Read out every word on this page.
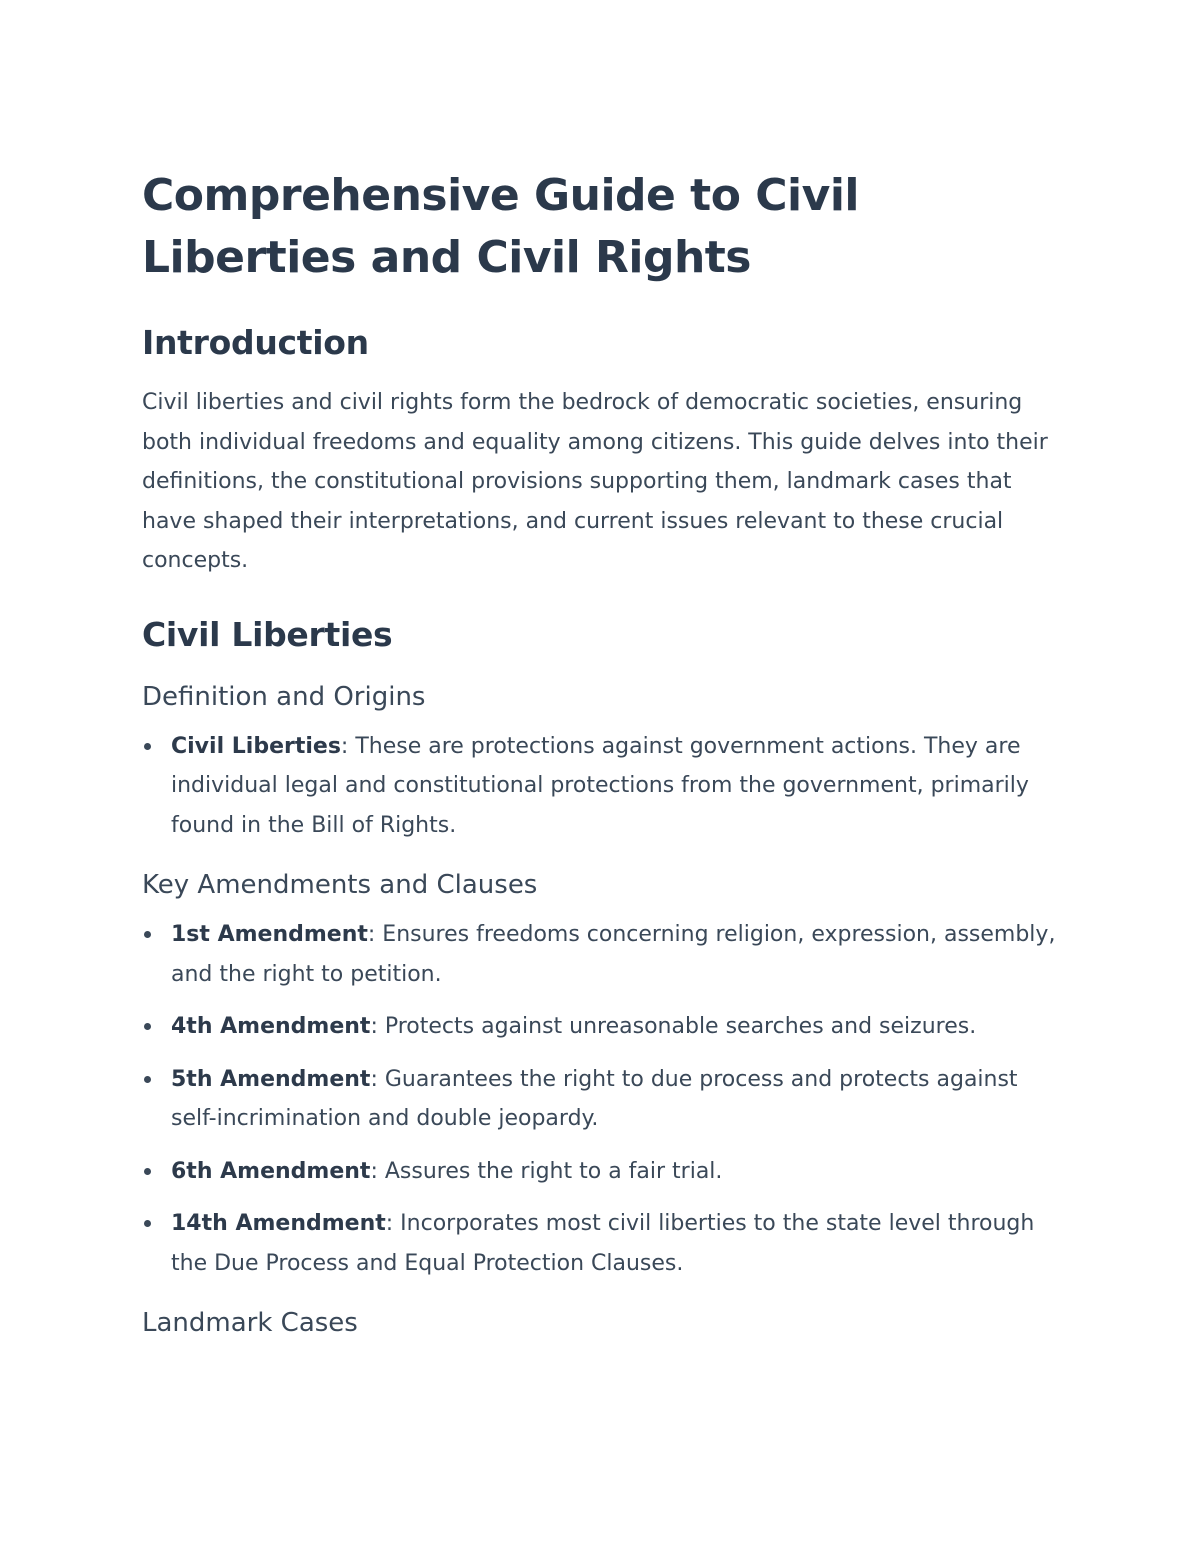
Comprehensive Guide to Civil Liberties and Civil Rights
Introduction

Civil liberties and civil rights form the bedrock of democratic societies, ensuring both individual freedoms and equality among citizens. This guide delves into their definitions, the constitutional provisions supporting them, landmark cases that have shaped their interpretations, and current issues relevant to these crucial concepts.

Civil Liberties
Definition and Origins
Civil Liberties: These are protections against government actions. They are individual legal and constitutional protections from the government, primarily found in the Bill of Rights.
Key Amendments and Clauses
1st Amendment: Ensures freedoms concerning religion, expression, assembly, and the right to petition.
4th Amendment: Protects against unreasonable searches and seizures.
5th Amendment: Guarantees the right to due process and protects against self-incrimination and double jeopardy.
6th Amendment: Assures the right to a fair trial.
14th Amendment: Incorporates most civil liberties to the state level through the Due Process and Equal Protection Clauses.
Landmark Cases
